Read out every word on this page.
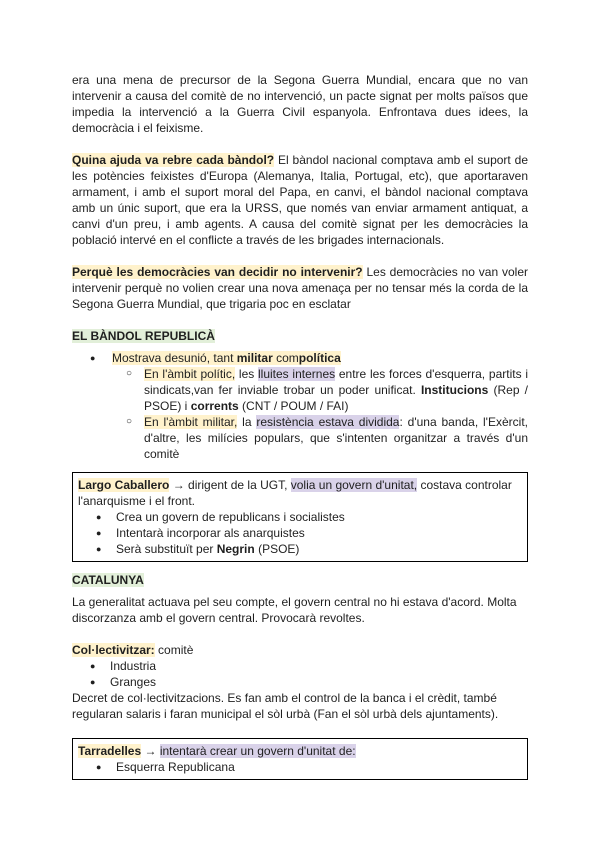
era una mena de precursor de la Segona Guerra Mundial, encara que no van intervenir a causa del comitè de no intervenció, un pacte signat per molts països que impedia la intervenció a la Guerra Civil espanyola. Enfrontava dues idees, la democràcia i el feixisme.

Quina ajuda va rebre cada bàndol? El bàndol nacional comptava amb el suport de les potències feixistes d'Europa (Alemanya, Italia, Portugal, etc), que aportaraven armament, i amb el suport moral del Papa, en canvi, el bàndol nacional comptava amb un únic suport, que era la URSS, que només van enviar armament antiquat, a canvi d'un preu, i amb agents. A causa del comitè signat per les democràcies la població intervé en el conflicte a través de les brigades internacionals.

Perquè les democràcies van decidir no intervenir? Les democràcies no van voler intervenir perquè no volien crear una nova amenaça per no tensar més la corda de la Segona Guerra Mundial, que trigaria poc en esclatar

EL BÀNDOL REPUBLICÀ

● Mostrava desunió, tant militar compolítica
○ En l'àmbit polític, les lluites internes entre les forces d'esquerra, partits i sindicats,van fer inviable trobar un poder unificat. Institucions (Rep / PSOE) i corrents (CNT / POUM / FAI)
○ En l'àmbit militar, la resistència estava dividida: d'una banda, l'Exèrcit, d'altre, les milícies populars, que s'intenten organitzar a través d'un comitè

Largo Caballero → dirigent de la UGT, volia un govern d'unitat, costava controlar l'anarquisme i el front.

● Crea un govern de republicans i socialistes
● Intentarà incorporar als anarquistes
● Serà substituït per Negrin (PSOE)

CATALUNYA

La generalitat actuava pel seu compte, el govern central no hi estava d'acord. Molta discorzanza amb el govern central. Provocarà revoltes.

Col·lectivitzar: comitè

● Industria
● Granges

Decret de col·lectivitzacions. Es fan amb el control de la banca i el crèdit, també regularan salaris i faran municipal el sòl urbà (Fan el sòl urbà dels ajuntaments).

Tarradelles → intentarà crear un govern d'unitat de:

● Esquerra Republicana
